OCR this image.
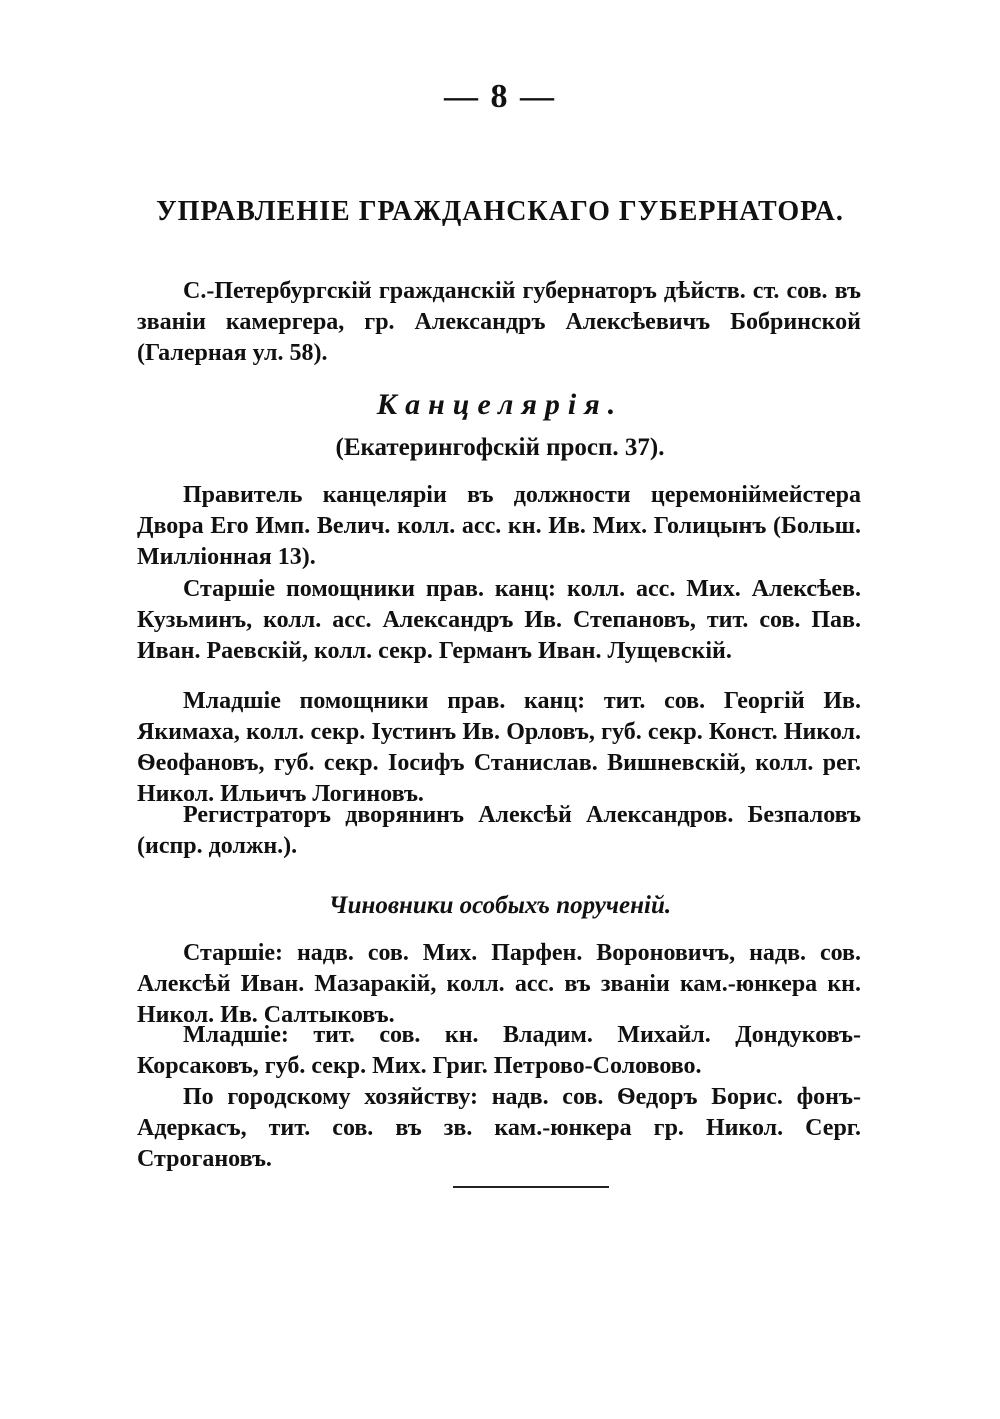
— 8 —
УПРАВЛЕНІЕ ГРАЖДАНСКАГО ГУБЕРНАТОРА.

С.-Петербургскій гражданскій губернаторъ дѣйств. ст. сов. въ званіи камергера, гр. Александръ Алексѣевичъ Бобринской (Галерная ул. 58).

Канцелярія.
(Екатерингофскій просп. 37).

Правитель канцеляріи въ должности церемоніймейстера Двора Его Имп. Велич. колл. асс. кн. Ив. Мих. Голицынъ (Больш. Милліонная 13).

Старшіе помощники прав. канц: колл. асс. Мих. Алексѣев. Кузьминъ, колл. асс. Александръ Ив. Степановъ, тит. сов. Пав. Иван. Раевскій, колл. секр. Германъ Иван. Лущевскій.

Младшіе помощники прав. канц: тит. сов. Георгій Ив. Якимаха, колл. секр. Іустинъ Ив. Орловъ, губ. секр. Конст. Никол. Ѳеофановъ, губ. секр. Іосифъ Станислав. Вишневскій, колл. рег. Никол. Ильичъ Логиновъ.

Регистраторъ дворянинъ Алексѣй Александров. Безпаловъ (испр. должн.).

Чиновники особыхъ порученій.

Старшіе: надв. сов. Мих. Парфен. Вороновичъ, надв. сов. Алексѣй Иван. Мазаракій, колл. асс. въ званіи кам.-юнкера кн. Никол. Ив. Салтыковъ.

Младшіе: тит. сов. кн. Владим. Михайл. Дондуковъ-Корсаковъ, губ. секр. Мих. Григ. Петрово-Соловово.

По городскому хозяйству: надв. сов. Ѳедоръ Борис. фонъ-Адеркасъ, тит. сов. въ зв. кам.-юнкера гр. Никол. Серг. Строгановъ.
